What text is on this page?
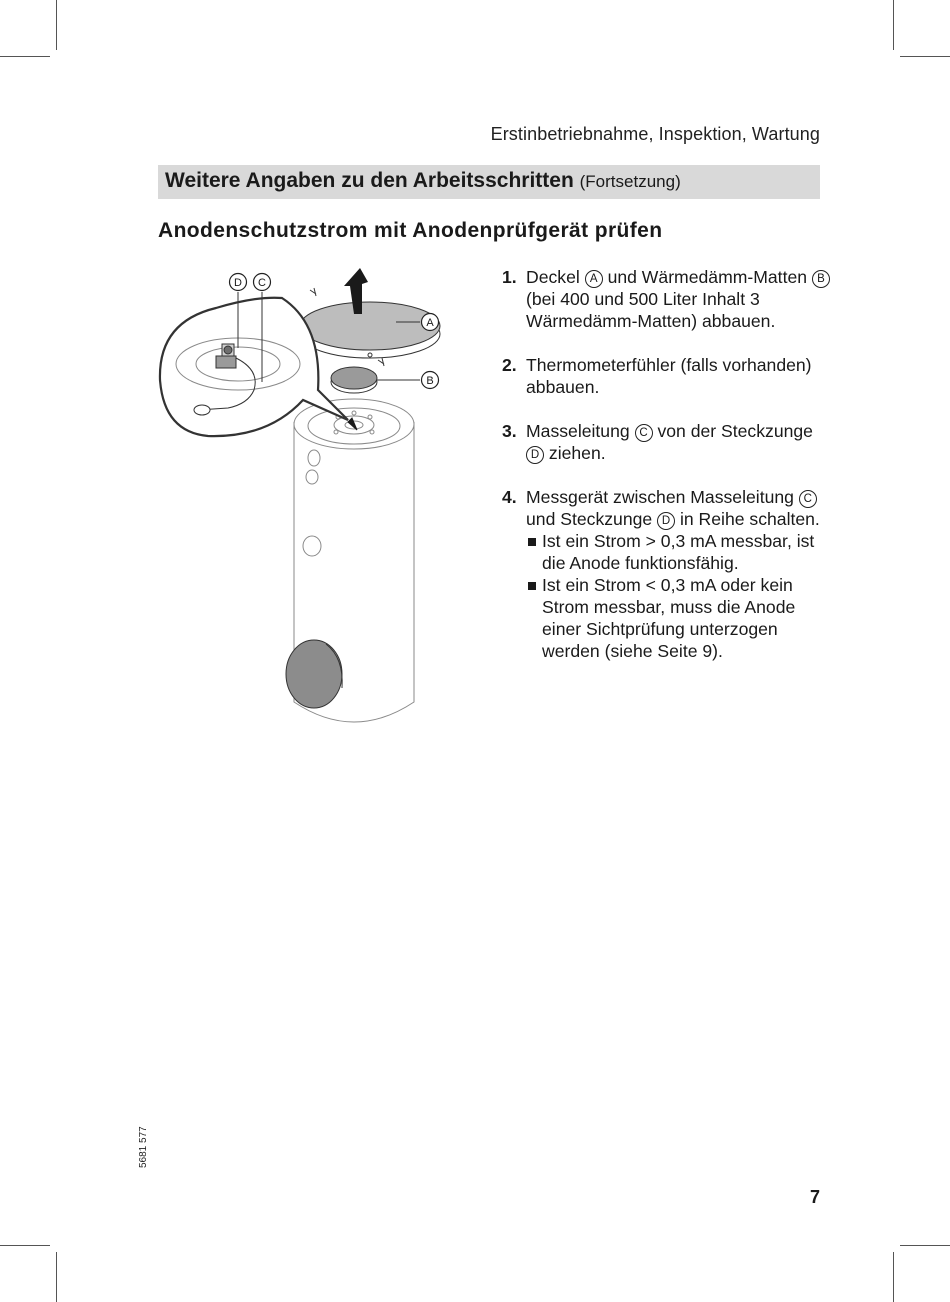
Erstinbetriebnahme, Inspektion, Wartung
Weitere Angaben zu den Arbeitsschritten (Fortsetzung)
Anodenschutzstrom mit Anodenprüfgerät prüfen
D C
A
B
1. Deckel A und Wärmedämm-Matten B (bei 400 und 500 Liter Inhalt 3 Wärmedämm-Matten) abbauen.
2. Thermometerfühler (falls vorhanden) abbauen.
3. Masseleitung C von der Steckzunge D ziehen.
4. Messgerät zwischen Masseleitung C und Steckzunge D in Reihe schalten.
Ist ein Strom > 0,3 mA messbar, ist die Anode funktionsfähig.
Ist ein Strom < 0,3 mA oder kein Strom messbar, muss die Anode einer Sichtprüfung unterzogen werden (siehe Seite 9).
5681 577
7
